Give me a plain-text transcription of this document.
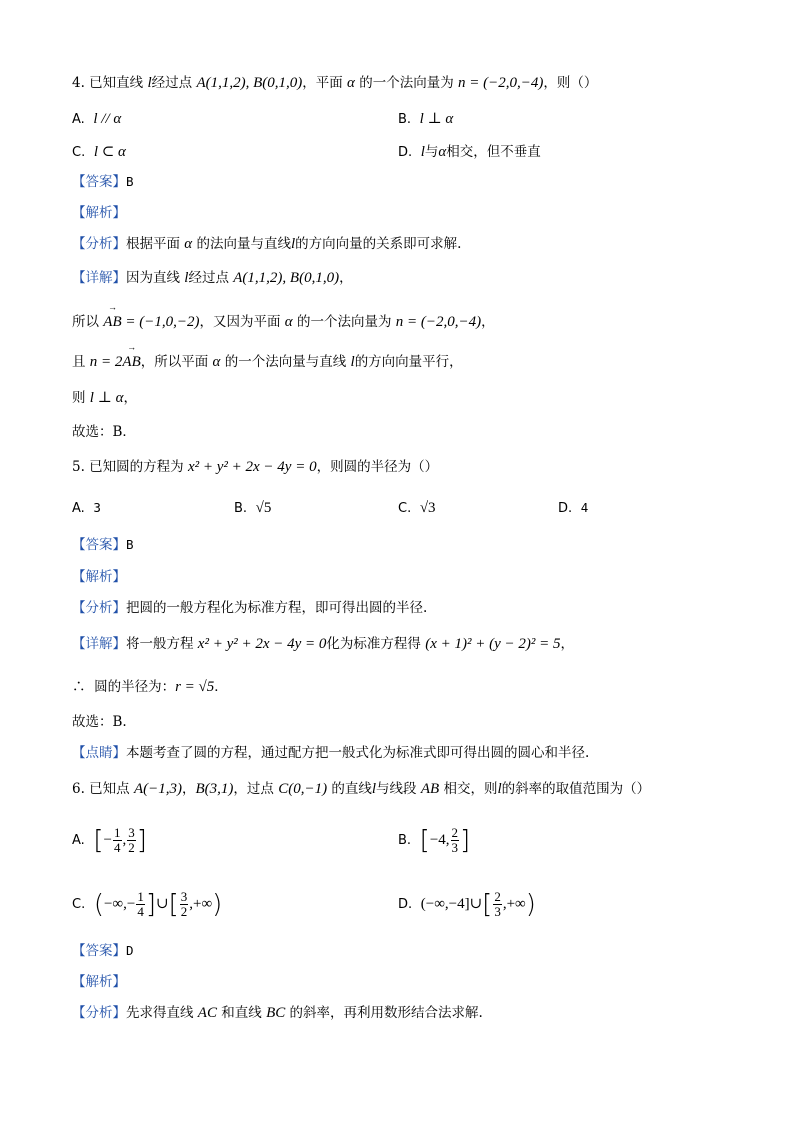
4. 已知直线 l经过点 A(1,1,2), B(0,1,0)，平面 α 的一个法向量为 n = (−2,0,−4)，则（）
A. l // α	B. l ⊥ α
C. l ⊂ α	D. l与α相交，但不垂直
【答案】B
【解析】
【分析】根据平面 α 的法向量与直线l的方向向量的关系即可求解.
【详解】因为直线 l经过点 A(1,1,2), B(0,1,0)，
所以
→
AB = (−1,0,−2)，又因为平面 α 的一个法向量为 n = (−2,0,−4)，
且 n = 2
→
AB，所以平面 α 的一个法向量与直线 l的方向向量平行，
则 l ⊥ α，
故选：B．
5. 已知圆的方程为 x² + y² + 2x − 4y = 0，则圆的半径为（）
A. 3	B. √5	C. √3	D. 4
【答案】B
【解析】
【分析】把圆的一般方程化为标准方程，即可得出圆的半径.
【详解】将一般方程 x² + y² + 2x − 4y = 0化为标准方程得 (x + 1)² + (y − 2)² = 5，
∴ 圆的半径为：r = √5．
故选：B.
【点睛】本题考查了圆的方程，通过配方把一般式化为标准式即可得出圆的圆心和半径.
6. 已知点 A(−1,3)，B(3,1)，过点 C(0,−1) 的直线l与线段 AB 相交，则l的斜率的取值范围为（）
A. [− $\frac{1}{4}$ , $\frac{3}{2}$ ]	B. [−4, $\frac{2}{3}$ ]
C. (−∞,− $\frac{1}{4}$ ]∪[ $\frac{3}{2}$ ,+∞)	D. (−∞,−4]∪[ $\frac{2}{3}$ ,+∞)
【答案】D
【解析】
【分析】先求得直线 AC 和直线 BC 的斜率，再利用数形结合法求解.
